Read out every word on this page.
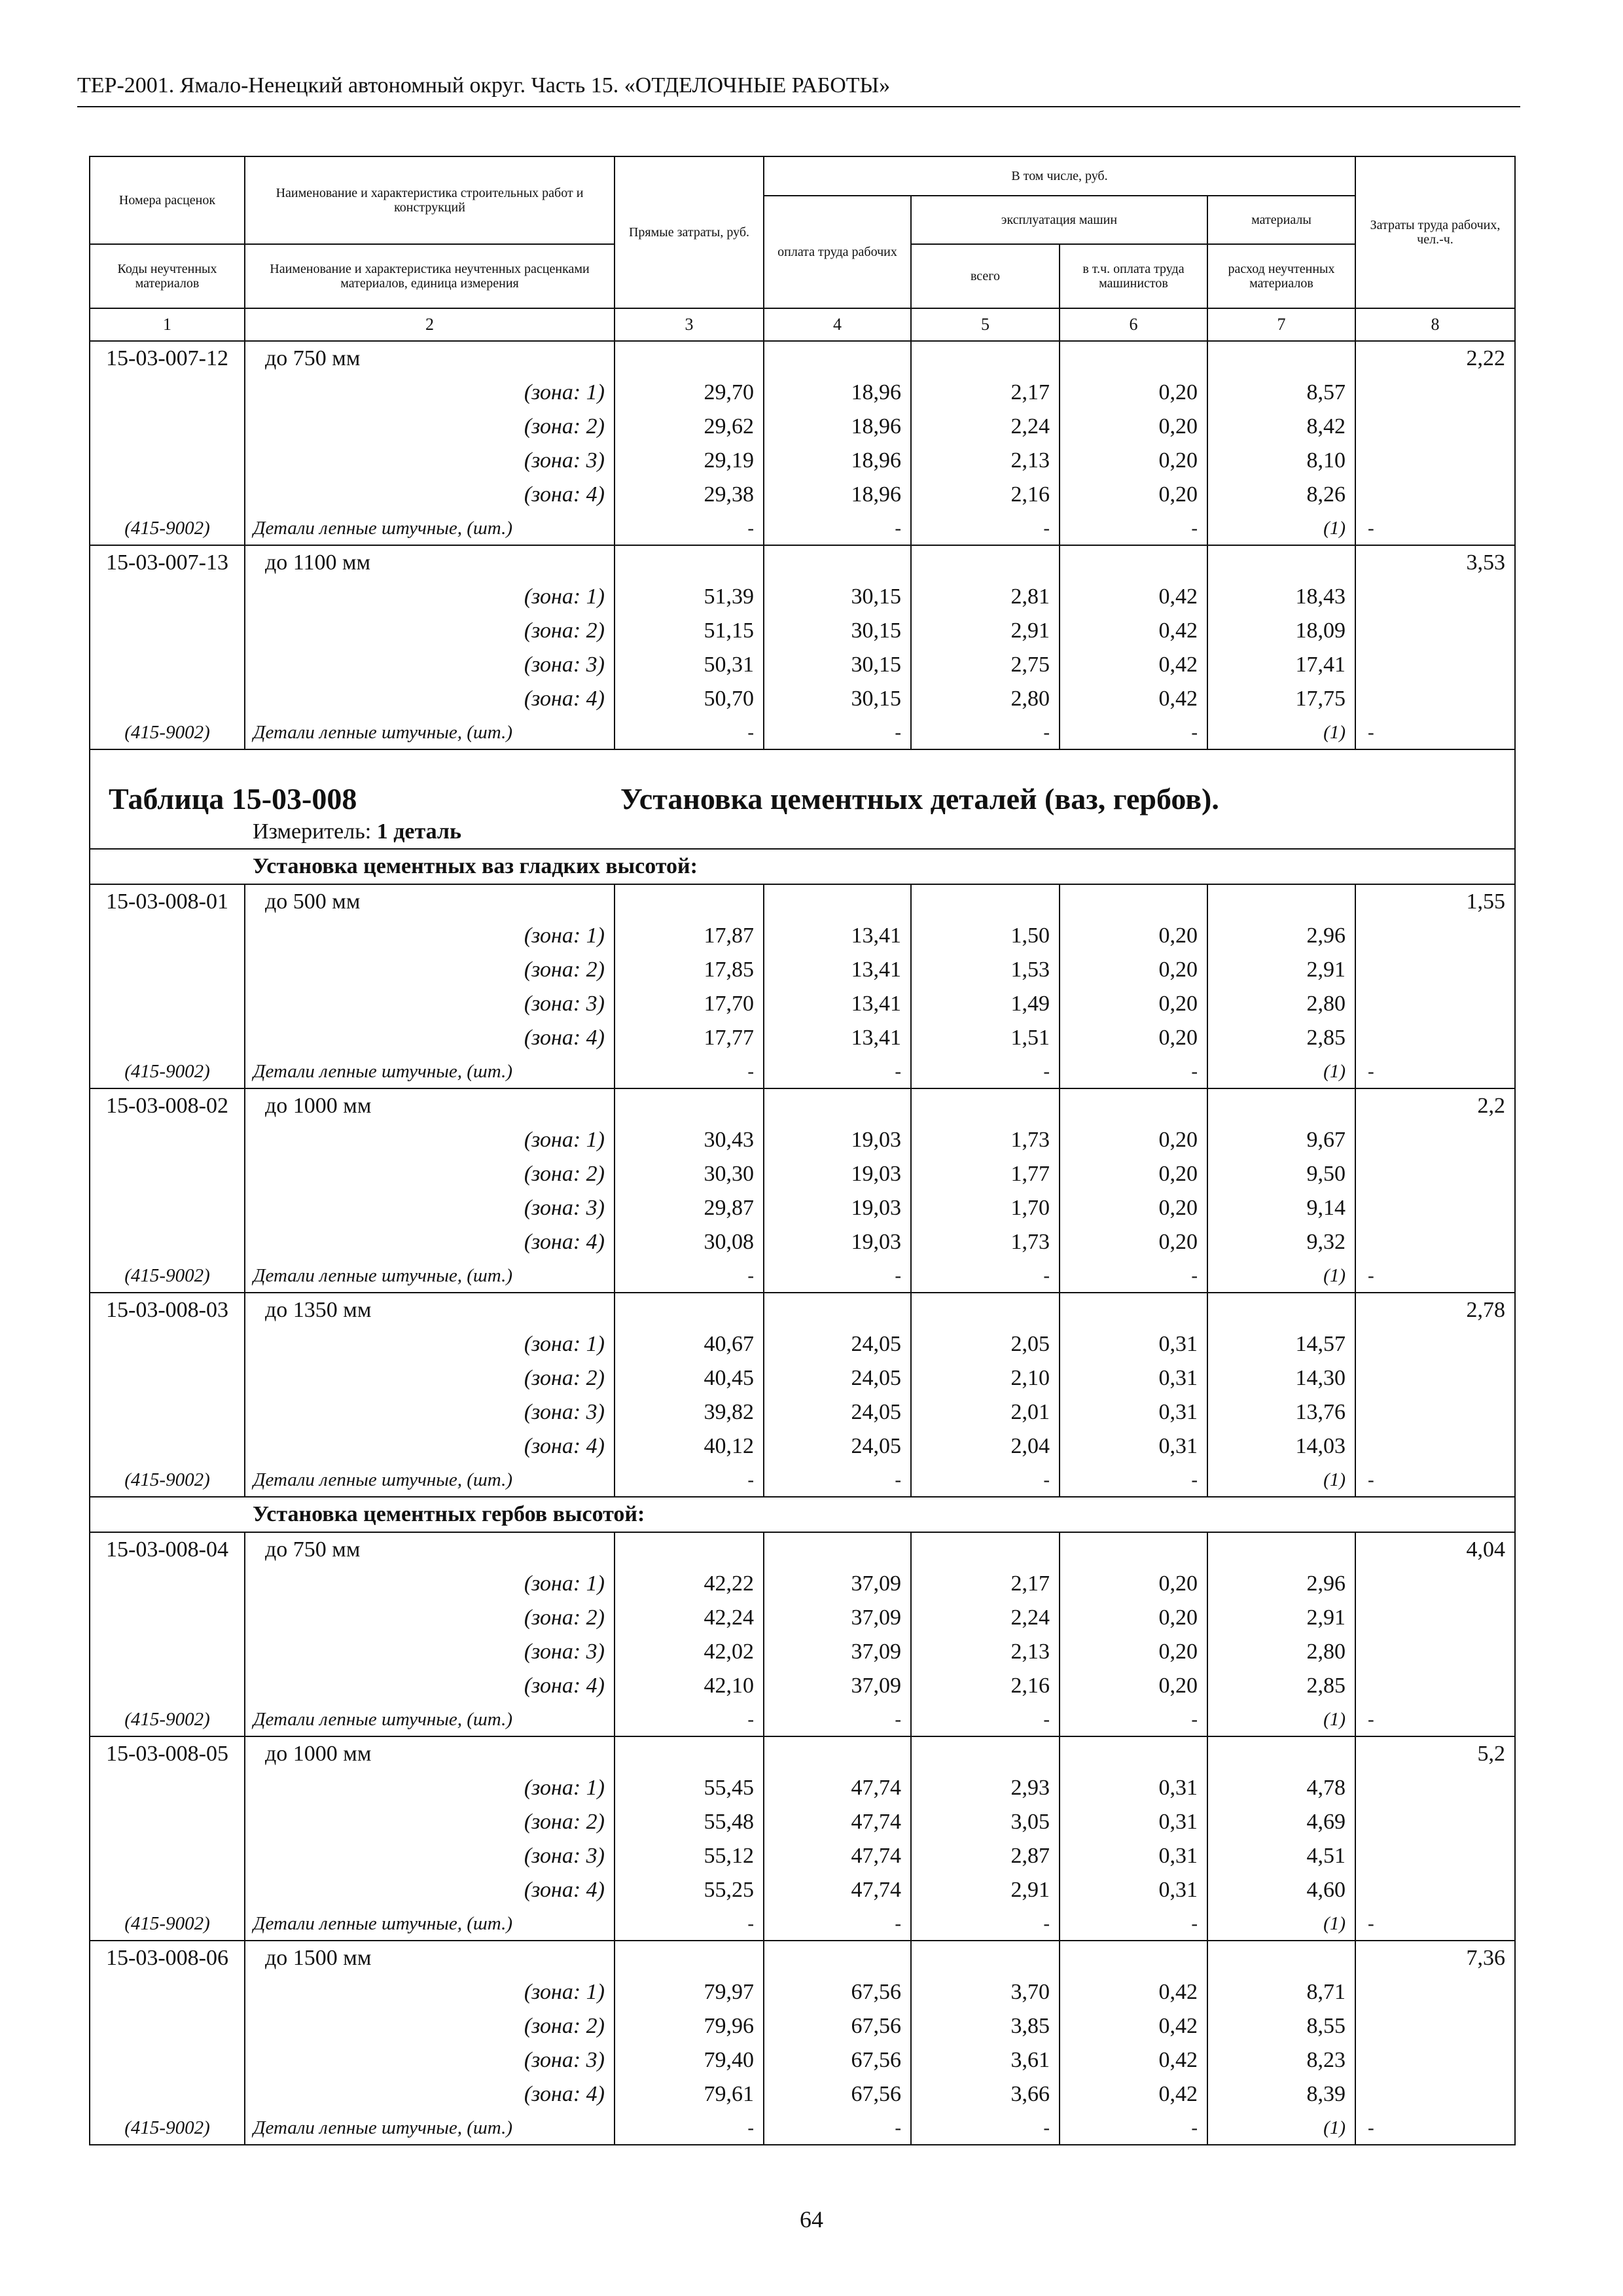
ТЕР-2001. Ямало-Ненецкий автономный округ. Часть 15. «ОТДЕЛОЧНЫЕ РАБОТЫ»
Номера расценок	Наименование и характеристика строительных работ и конструкций	Прямые затраты, руб.	В том числе, руб.				Затраты труда рабочих, чел.-ч.
			оплата труда рабочих	эксплуатация машин		материалы	
Коды неучтенных материалов	Наименование и характеристика неучтенных расценками материалов, единица измерения			всего	в т.ч. оплата труда машинистов	расход неучтенных материалов	

1	2	3	4	5	6	7	8
15-03-007-12	до 750 мм						2,22
	(зона: 1)	29,70	18,96	2,17	0,20	8,57	
	(зона: 2)	29,62	18,96	2,24	0,20	8,42	
	(зона: 3)	29,19	18,96	2,13	0,20	8,10	
	(зона: 4)	29,38	18,96	2,16	0,20	8,26	
(415-9002)	Детали лепные штучные, (шт.)	-	-	-	-	(1)	-
15-03-007-13	до 1100 мм						3,53
	(зона: 1)	51,39	30,15	2,81	0,42	18,43	
	(зона: 2)	51,15	30,15	2,91	0,42	18,09	
	(зона: 3)	50,31	30,15	2,75	0,42	17,41	
	(зона: 4)	50,70	30,15	2,80	0,42	17,75	
(415-9002)	Детали лепные штучные, (шт.)	-	-	-	-	(1)	-

Таблица 15-03-008 Установка цементных деталей (ваз, гербов).
Измеритель: 1 деталь							

Установка цементных ваз гладких высотой:							
15-03-008-01	до 500 мм						1,55
	(зона: 1)	17,87	13,41	1,50	0,20	2,96	
	(зона: 2)	17,85	13,41	1,53	0,20	2,91	
	(зона: 3)	17,70	13,41	1,49	0,20	2,80	
	(зона: 4)	17,77	13,41	1,51	0,20	2,85	
(415-9002)	Детали лепные штучные, (шт.)	-	-	-	-	(1)	-
15-03-008-02	до 1000 мм						2,2
	(зона: 1)	30,43	19,03	1,73	0,20	9,67	
	(зона: 2)	30,30	19,03	1,77	0,20	9,50	
	(зона: 3)	29,87	19,03	1,70	0,20	9,14	
	(зона: 4)	30,08	19,03	1,73	0,20	9,32	
(415-9002)	Детали лепные штучные, (шт.)	-	-	-	-	(1)	-
15-03-008-03	до 1350 мм						2,78
	(зона: 1)	40,67	24,05	2,05	0,31	14,57	
	(зона: 2)	40,45	24,05	2,10	0,31	14,30	
	(зона: 3)	39,82	24,05	2,01	0,31	13,76	
	(зона: 4)	40,12	24,05	2,04	0,31	14,03	
(415-9002)	Детали лепные штучные, (шт.)	-	-	-	-	(1)	-
Установка цементных гербов высотой:							
15-03-008-04	до 750 мм						4,04
	(зона: 1)	42,22	37,09	2,17	0,20	2,96	
	(зона: 2)	42,24	37,09	2,24	0,20	2,91	
	(зона: 3)	42,02	37,09	2,13	0,20	2,80	
	(зона: 4)	42,10	37,09	2,16	0,20	2,85	
(415-9002)	Детали лепные штучные, (шт.)	-	-	-	-	(1)	-
15-03-008-05	до 1000 мм						5,2
	(зона: 1)	55,45	47,74	2,93	0,31	4,78	
	(зона: 2)	55,48	47,74	3,05	0,31	4,69	
	(зона: 3)	55,12	47,74	2,87	0,31	4,51	
	(зона: 4)	55,25	47,74	2,91	0,31	4,60	
(415-9002)	Детали лепные штучные, (шт.)	-	-	-	-	(1)	-
15-03-008-06	до 1500 мм						7,36
	(зона: 1)	79,97	67,56	3,70	0,42	8,71	
	(зона: 2)	79,96	67,56	3,85	0,42	8,55	
	(зона: 3)	79,40	67,56	3,61	0,42	8,23	
	(зона: 4)	79,61	67,56	3,66	0,42	8,39	
(415-9002)	Детали лепные штучные, (шт.)	-	-	-	-	(1)	-
64
